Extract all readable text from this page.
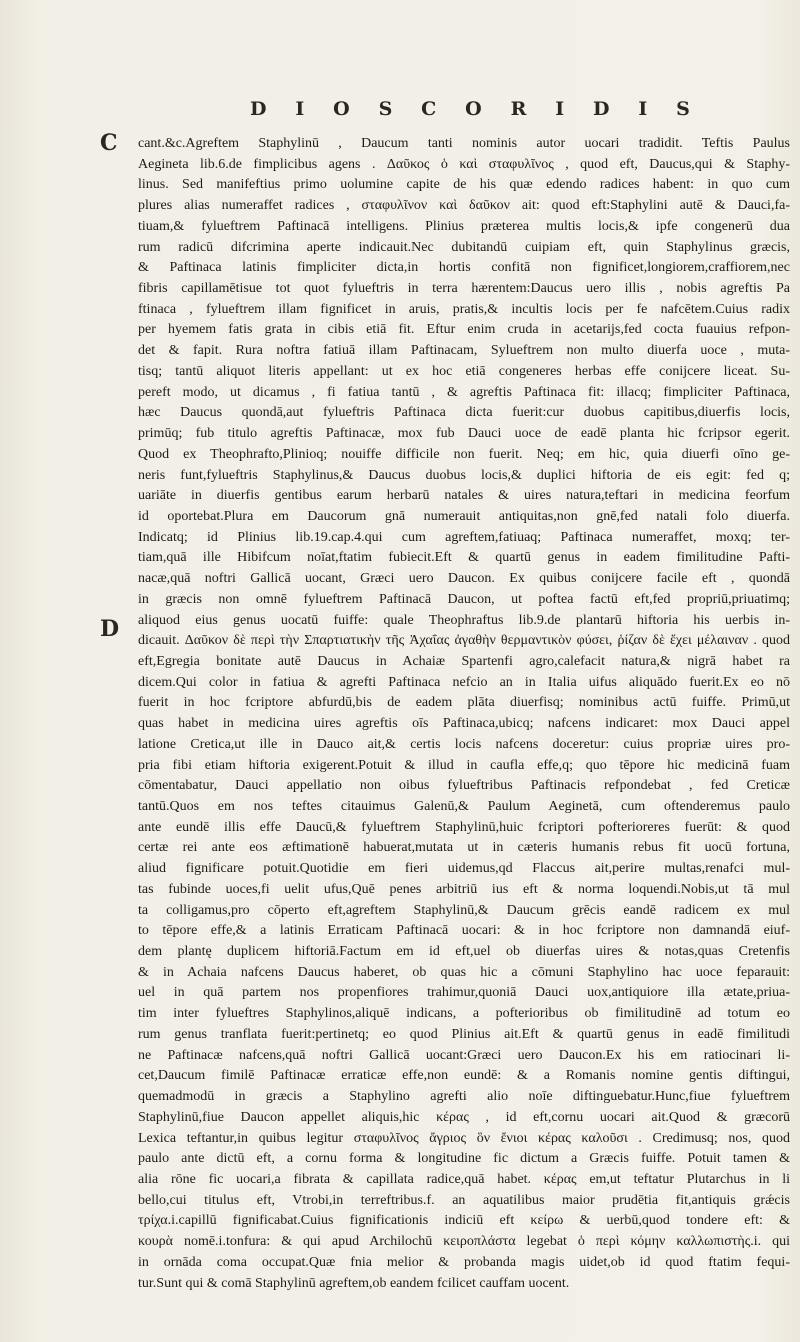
D I O S C O R I D I S
C
D
cant.&c.Agreftem Staphylinū , Daucum tanti nominis autor uocari tradidit. Teftis Paulus
Aegineta lib.6.de fimplicibus agens . Δαῦκος ὁ καὶ σταφυλῖνος , quod eft, Daucus,qui & Staphy-
linus. Sed manifeftius primo uolumine capite de his quæ edendo radices habent: in quo cum
plures alias numeraffet radices , σταφυλῖνον καὶ δαῦκον ait: quod eft:Staphylini autē & Dauci,fa-
tiuam,& fylueftrem Paftinacā intelligens. Plinius præterea multis locis,& ipfe congenerū dua
rum radicū difcrimina aperte indicauit.Nec dubitandū cuipiam eft, quin Staphylinus græcis,
& Paftinaca latinis fimpliciter dicta,in hortis confitā non fignificet,longiorem,craffiorem,nec
fibris capillamētisue tot quot fylueftris in terra hærentem:Daucus uero illis , nobis agreftis Pa
ftinaca , fylueftrem illam fignificet in aruis, pratis,& incultis locis per fe nafcētem.Cuius radix
per hyemem fatis grata in cibis etiā fit. Eftur enim cruda in acetarijs,fed cocta fuauius refpon-
det & fapit. Rura noftra fatiuā illam Paftinacam, Sylueftrem non multo diuerfa uoce , muta-
tisq; tantū aliquot literis appellant: ut ex hoc etiā congeneres herbas effe conijcere liceat. Su-
pereft modo, ut dicamus , fi fatiua tantū , & agreftis Paftinaca fit: illacq; fimpliciter Paftinaca,
hæc Daucus quondā,aut fylueftris Paftinaca dicta fuerit:cur duobus capitibus,diuerfis locis,
primūq; fub titulo agreftis Paftinacæ, mox fub Dauci uoce de eadē planta hic fcripsor egerit.
Quod ex Theophrafto,Plinioq; nouiffe difficile non fuerit. Neq; em hic, quia diuerfi oīno ge-
neris funt,fylueftris Staphylinus,& Daucus duobus locis,& duplici hiftoria de eis egit: fed q;
uariāte in diuerfis gentibus earum herbarū natales & uires natura,teftari in medicina feorfum
id oportebat.Plura em Daucorum gnā numerauit antiquitas,non gnē,fed natali folo diuerfa.
Indicatq; id Plinius lib.19.cap.4.qui cum agreftem,fatiuaq; Paftinaca numeraffet, moxq; ter-
tiam,quā ille Hibifcum noīat,ftatim fubiecit.Eft & quartū genus in eadem fimilitudine Pafti-
nacæ,quā noftri Gallicā uocant, Græci uero Daucon. Ex quibus conijcere facile eft , quondā
in græcis non omnē fylueftrem Paftinacā Daucon, ut poftea factū eft,fed propriū,priuatimq;
aliquod eius genus uocatū fuiffe: quale Theophraftus lib.9.de plantarū hiftoria his uerbis in-
dicauit. Δαῦκον δὲ περὶ τὴν Σπαρτιατικὴν τῆς Ἀχαΐας ἀγαθὴν θερμαντικὸν φύσει, ῥίζαν δὲ ἔχει μέλαιναν . quod
eft,Egregia bonitate autē Daucus in Achaiæ Spartenfi agro,calefacit natura,& nigrā habet ra
dicem.Qui color in fatiua & agrefti Paftinaca nefcio an in Italia uifus aliquādo fuerit.Ex eo nō
fuerit in hoc fcriptore abfurdū,bis de eadem plāta diuerfisq; nominibus actū fuiffe. Primū,ut
quas habet in medicina uires agreftis oīs Paftinaca,ubicq; nafcens indicaret: mox Dauci appel
latione Cretica,ut ille in Dauco ait,& certis locis nafcens doceretur: cuius propriæ uires pro-
pria fibi etiam hiftoria exigerent.Potuit & illud in caufla effe,q; quo tēpore hic medicinā fuam
cōmentabatur, Dauci appellatio non oibus fylueftribus Paftinacis refpondebat , fed Creticæ
tantū.Quos em nos teftes citauimus Galenū,& Paulum Aeginetā, cum oftenderemus paulo
ante eundē illis effe Daucū,& fylueftrem Staphylinū,huic fcriptori pofterioreres fuerūt: & quod
certæ rei ante eos æftimationē habuerat,mutata ut in cæteris humanis rebus fit uocū fortuna,
aliud fignificare potuit.Quotidie em fieri uidemus,qd Flaccus ait,perire multas,renafci mul-
tas fubinde uoces,fi uelit ufus,Quē penes arbitriū ius eft & norma loquendi.Nobis,ut tā mul
ta colligamus,pro cōperto eft,agreftem Staphylinū,& Daucum grēcis eandē radicem ex mul
to tēpore effe,& a latinis Erraticam Paftinacā uocari: & in hoc fcriptore non damnandā eiuf-
dem plantę duplicem hiftoriā.Factum em id eft,uel ob diuerfas uires & notas,quas Cretenfis
& in Achaia nafcens Daucus haberet, ob quas hic a cōmuni Staphylino hac uoce feparauit:
uel in quā partem nos propenfiores trahimur,quoniā Dauci uox,antiquiore illa ætate,priua-
tim inter fylueftres Staphylinos,aliquē indicans, a pofterioribus ob fimilitudinē ad totum eo
rum genus tranflata fuerit:pertinetq; eo quod Plinius ait.Eft & quartū genus in eadē fimilitudi
ne Paftinacæ nafcens,quā noftri Gallicā uocant:Græci uero Daucon.Ex his em ratiocinari li-
cet,Daucum fimilē Paftinacæ erraticæ effe,non eundē: & a Romanis nomine gentis diftingui,
quemadmodū in græcis a Staphylino agrefti alio noīe diftinguebatur.Hunc,fiue fylueftrem
Staphylinū,fiue Daucon appellet aliquis,hic κέρας , id eft,cornu uocari ait.Quod & græcorū
Lexica teftantur,in quibus legitur σταφυλῖνος ἄγριος ὃν ἔνιοι κέρας καλοῦσι . Credimusq; nos, quod
paulo ante dictū eft, a cornu forma & longitudine fic dictum a Græcis fuiffe. Potuit tamen &
alia rōne fic uocari,a fibrata & capillata radice,quā habet. κέρας em,ut teftatur Plutarchus in li
bello,cui titulus eft, Vtrobi,in terreftribus.f. an aquatilibus maior prudētia fit,antiquis grǽcis
τρίχα.i.capillū fignificabat.Cuius fignificationis indiciū eft κείρω & uerbū,quod tondere eft: &
κουρὰ nomē.i.tonfura: & qui apud Archilochū κειροπλάστα legebat ὁ περὶ κόμην καλλωπιστὴς.i. qui
in ornāda coma occupat.Quæ fnia melior & probanda magis uidet,ob id quod ftatim fequi-
tur.Sunt qui & comā Staphylinū agreftem,ob eandem fcilicet cauffam uocent.
